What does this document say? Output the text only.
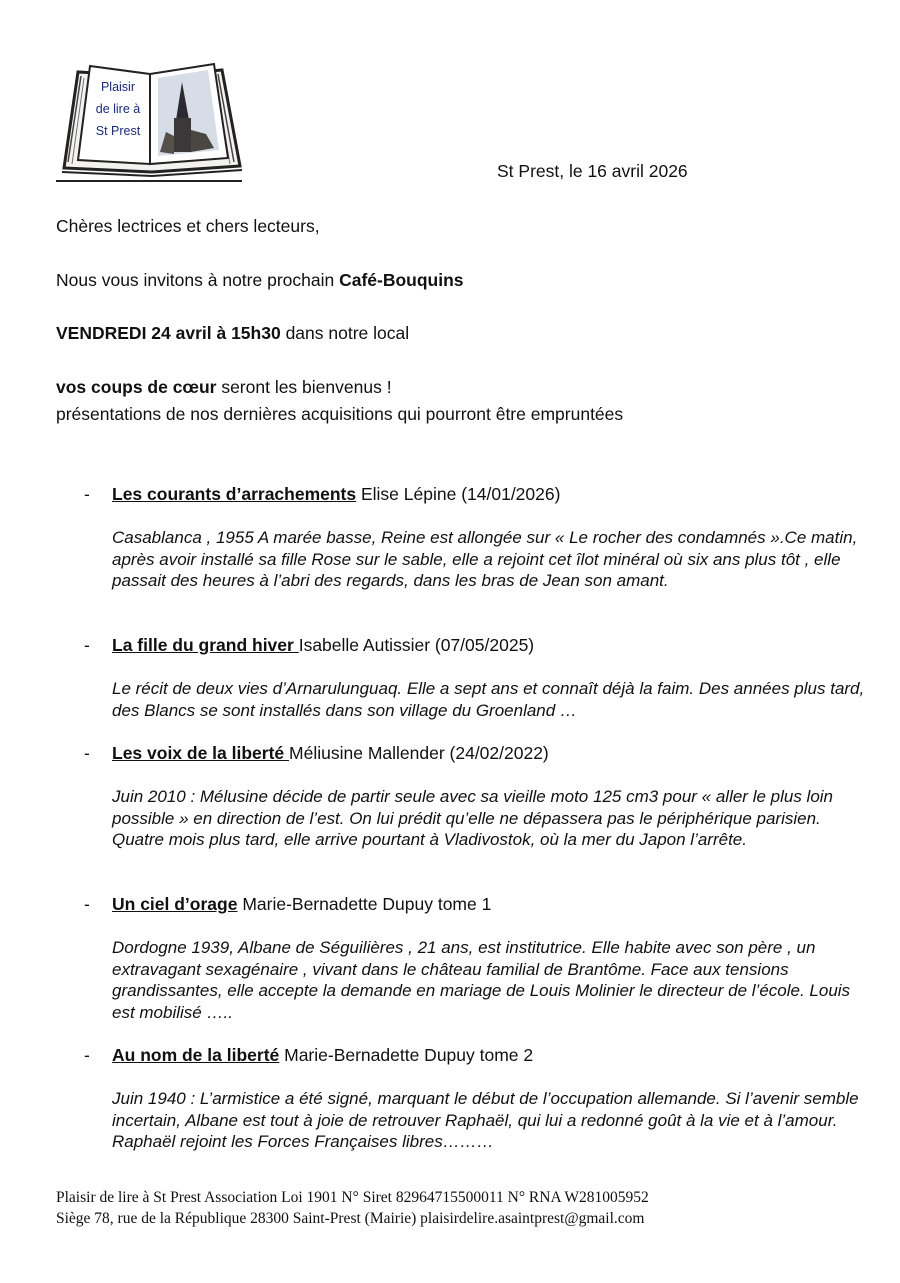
Plaisir
de lire à
St Prest
St Prest, le 16 avril 2026
Chères lectrices et chers lecteurs,
Nous vous invitons à notre prochain Café-Bouquins
VENDREDI 24 avril à 15h30 dans notre local
vos coups de cœur seront les bienvenus !
présentations de nos dernières acquisitions qui pourront être empruntées
- Les courants d’arrachements Elise Lépine (14/01/2026)
Casablanca , 1955 A marée basse, Reine est allongée sur « Le rocher des condamnés ».Ce matin, après avoir installé sa fille Rose sur le sable, elle a rejoint cet îlot minéral où six ans plus tôt , elle passait des heures à l’abri des regards, dans les bras de Jean son amant.
- La fille du grand hiver Isabelle Autissier (07/05/2025)
Le récit de deux vies d’Arnarulunguaq. Elle a sept ans et connaît déjà la faim. Des années plus tard, des Blancs se sont installés dans son village du Groenland …
- Les voix de la liberté Méliusine Mallender (24/02/2022)
Juin 2010 : Mélusine décide de partir seule avec sa vieille moto 125 cm3 pour « aller le plus loin possible » en direction de l’est. On lui prédit qu’elle ne dépassera pas le périphérique parisien. Quatre mois plus tard, elle arrive pourtant à Vladivostok, où la mer du Japon l’arrête.
- Un ciel d’orage Marie-Bernadette Dupuy tome 1
Dordogne 1939, Albane de Séguilières , 21 ans, est institutrice. Elle habite avec son père , un extravagant sexagénaire , vivant dans le château familial de Brantôme. Face aux tensions grandissantes, elle accepte la demande en mariage de Louis Molinier le directeur de l’école. Louis est mobilisé …..
- Au nom de la liberté Marie-Bernadette Dupuy tome 2
Juin 1940 : L’armistice a été signé, marquant le début de l’occupation allemande. Si l’avenir semble incertain, Albane est tout à joie de retrouver Raphaël, qui lui a redonné goût à la vie et à l’amour. Raphaël rejoint les Forces Françaises libres………
Plaisir de lire à St Prest Association Loi 1901 N° Siret 82964715500011 N° RNA W281005952
Siège 78, rue de la République 28300 Saint-Prest (Mairie) plaisirdelire.asaintprest@gmail.com
